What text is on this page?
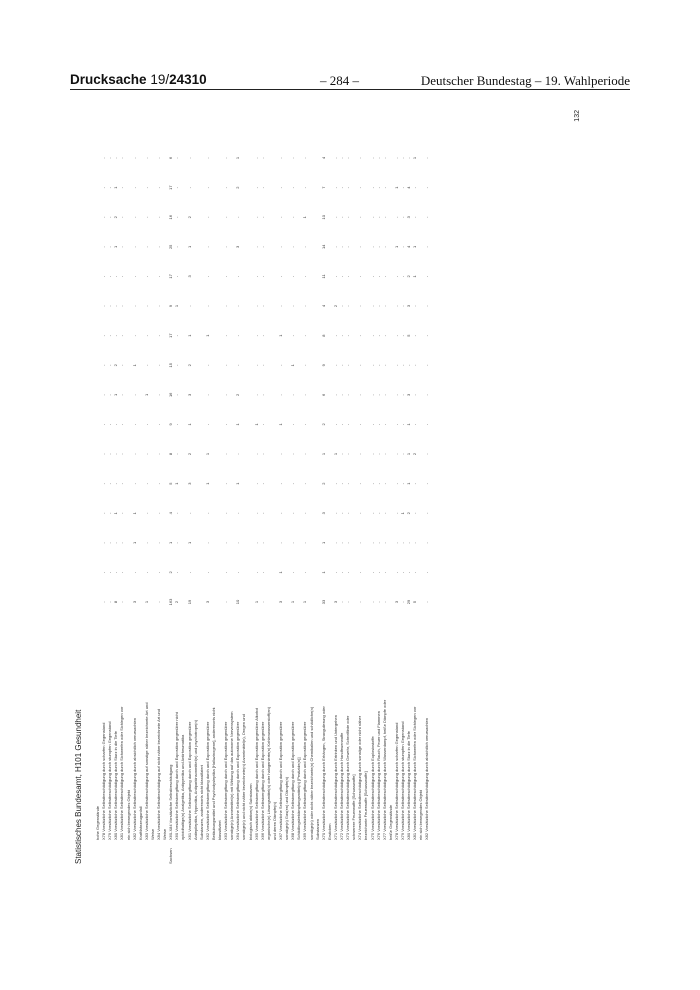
Drucksache 19/24310	– 284 –	Deutscher Bundestag – 19. Wahlperiode
Statistisches Bundesamt, H101 Gesundheit
132
hohe Gegenstände X78 Vorsätzliche Selbstbeschädigung durch scharfen Gegenstand
-
-
-
-
-
-
-
-
-
-
-
-
-
-
-
-
X79 Vorsätzliche Selbstbeschädigung durch stumpfen Gegenstand
-
-
-
-
-
-
-
-
-
-
-
-
-
-
-
-
X80 Vorsätzliche Selbstbeschädigung durch Sturz in die Tiefe
8
-
-
1
-
-
-
1
2
-
-
-
1
2
1
-
X81 Vorsätzliche Selbstbeschädigung durch Sichwerfen oder Sichlegen vor
-
-
-
-
-
-
-
-
-
-
-
-
-
-
-
-
ein sich bewegendes Objekt X82 Vorsätzliche Selbstbeschädigung durch absichtlich verursachten
3
-
1
1
-
-
-
-
1
-
-
-
-
-
-
-
Kraftfahrzeugunfall X83 Vorsätzliche Selbstbeschädigung auf sonstige näher bezeichnete Art und
1
-
-
-
-
-
-
1
-
-
-
-
-
-
-
-
Weise X84 Vorsätzliche Selbstbeschädigung auf nicht näher bezeichnete Art und
-
-
-
-
-
-
-
-
-
-
-
-
-
-
-
-
Weise X60-X84 Vorsätzliche Selbstbeschädigung
163
2
1
4
5
8
9
16
15
17
9
17
25
16
17
6
X60 Vorsätzliche Selbstvergiftung durch und Exposition gegenüber nicht
2
-
-
-
1
-
-
-
-
-
1
-
-
-
-
-
opioidhaltige(n) Analgetika, Antipyretika und Antirheumatika X61 Vorsätzliche Selbstvergiftung durch und Exposition gegenüber
19
-
1
-
3
2
1
3
2
1
-
3
1
2
-
-
Antiepileptika, Hypnotika, Antiparkinsonmittel(n) und psychotrope(n) Substanzen, anderenorts nicht klassifiziert X62 Vorsätzliche Selbstvergiftung durch und Exposition gegenüber
3
-
-
-
1
1
-
-
-
1
-
-
-
-
-
-
Betäubungsmittel und Psychodysleptika [Halluzinogene], anderenorts nicht klassifiziert X63 Vorsätzliche Selbstvergiftung durch und Exposition gegenüber
-
-
-
-
-
-
-
-
-
-
-
-
-
-
-
-
sonstige(n) Arzneimittel(n) mit Wirkung auf das autonome Nervensystem X64 Vorsätzliche Selbstvergiftung durch und Exposition gegenüber
10
-
-
-
1
-
1
2
-
-
-
-
3
-
2
1
sonstige(n) und nicht näher bezeichnete(n) Arzneimittel(n), Drogen und biologisch aktive(n) Substanzen X65 Vorsätzliche Selbstvergiftung durch und Exposition gegenüber Alkohol
1
-
-
-
-
-
1
-
-
-
-
-
-
-
-
-
X66 Vorsätzliche Selbstvergiftung durch und Exposition gegenüber
-
-
-
-
-
-
-
-
-
-
-
-
-
-
-
-
organische(n) Lösungsmittel(n) oder halogenierte(n) Kohlenwasserstoff(en) und deren Dämpfe(n) X67 Vorsätzliche Selbstvergiftung durch und Exposition gegenüber
3
1
-
-
-
-
1
-
-
1
-
-
-
-
-
-
sonstige(n) Gas(en) und Dämpfe(n) X68 Vorsätzliche Selbstvergiftung durch und Exposition gegenüber
1
-
-
-
-
-
-
-
1
-
-
-
-
-
-
-
Schädlingsbekämpfungsmittel(n) [Pestizide(n)] X69 Vorsätzliche Selbstvergiftung durch und Exposition gegenüber
1
-
-
-
-
-
-
-
-
-
-
-
-
1
-
-
sonstige(n) oder nicht näher bezeichnete(n) Chemikalien und schädliche(n) Substanzen X70 Vorsätzliche Selbstbeschädigung durch Erhängen, Strangulierung oder
33
1
1
3
2
1
2
6
9
8
4
11
14
10
7
4
Ersticken X71 Vorsätzliche Selbstbeschädigung durch Ertrinken und Untergehen
3
-
-
-
-
1
-
-
-
-
2
-
-
-
-
-
X72 Vorsätzliche Selbstbeschädigung durch Handfeuerwaffe
-
-
-
-
-
-
-
-
-
-
-
-
-
-
-
-
X73 Vorsätzliche Selbstbeschädigung durch Gewehr, Schrotflinte oder
-
-
-
-
-
-
-
-
-
-
-
-
-
-
-
-
schwerere Feuerwaffe [Schusswaffe] X74 Vorsätzliche Selbstbeschädigung durch sonstige oder nicht näher
-
-
-
-
-
-
-
-
-
-
-
-
-
-
-
-
bezeichnete Feuerwaffe [Schusswaffe] X75 Vorsätzliche Selbstbeschädigung durch Explosivstoffe
-
-
-
-
-
-
-
-
-
-
-
-
-
-
-
-
X76 Vorsätzliche Selbstbeschädigung durch Rauch, Feuer und Flammen
-
-
-
-
-
-
-
-
-
-
-
-
-
-
-
-
X77 Vorsätzliche Selbstbeschädigung durch Wasserdampf, heiße Dämpfe oder
-
-
-
-
-
-
-
-
-
-
-
-
-
-
-
-
heiße Gegenstände X78 Vorsätzliche Selbstbeschädigung durch scharfen Gegenstand
3
-
-
-
-
-
-
-
-
-
-
-
1
-
1
-
X79 Vorsätzliche Selbstbeschädigung durch stumpfen Gegenstand
-
-
-
1
-
-
-
-
-
-
-
-
-
-
-
-
X80 Vorsätzliche Selbstbeschädigung durch Sturz in die Tiefe
29
-
-
2
1
1
1
3
-
5
3
2
4
3
4
-
X81 Vorsätzliche Selbstbeschädigung durch Sichwerfen oder Sichlegen vor
5
-
-
-
-
2
-
-
-
-
-
1
1
-
-
1
ein sich bewegendes Objekt X82 Vorsätzliche Selbstbeschädigung durch absichtlich verursachten
-
-
-
-
-
-
-
-
-
-
-
-
-
-
-
-
Sachsen
